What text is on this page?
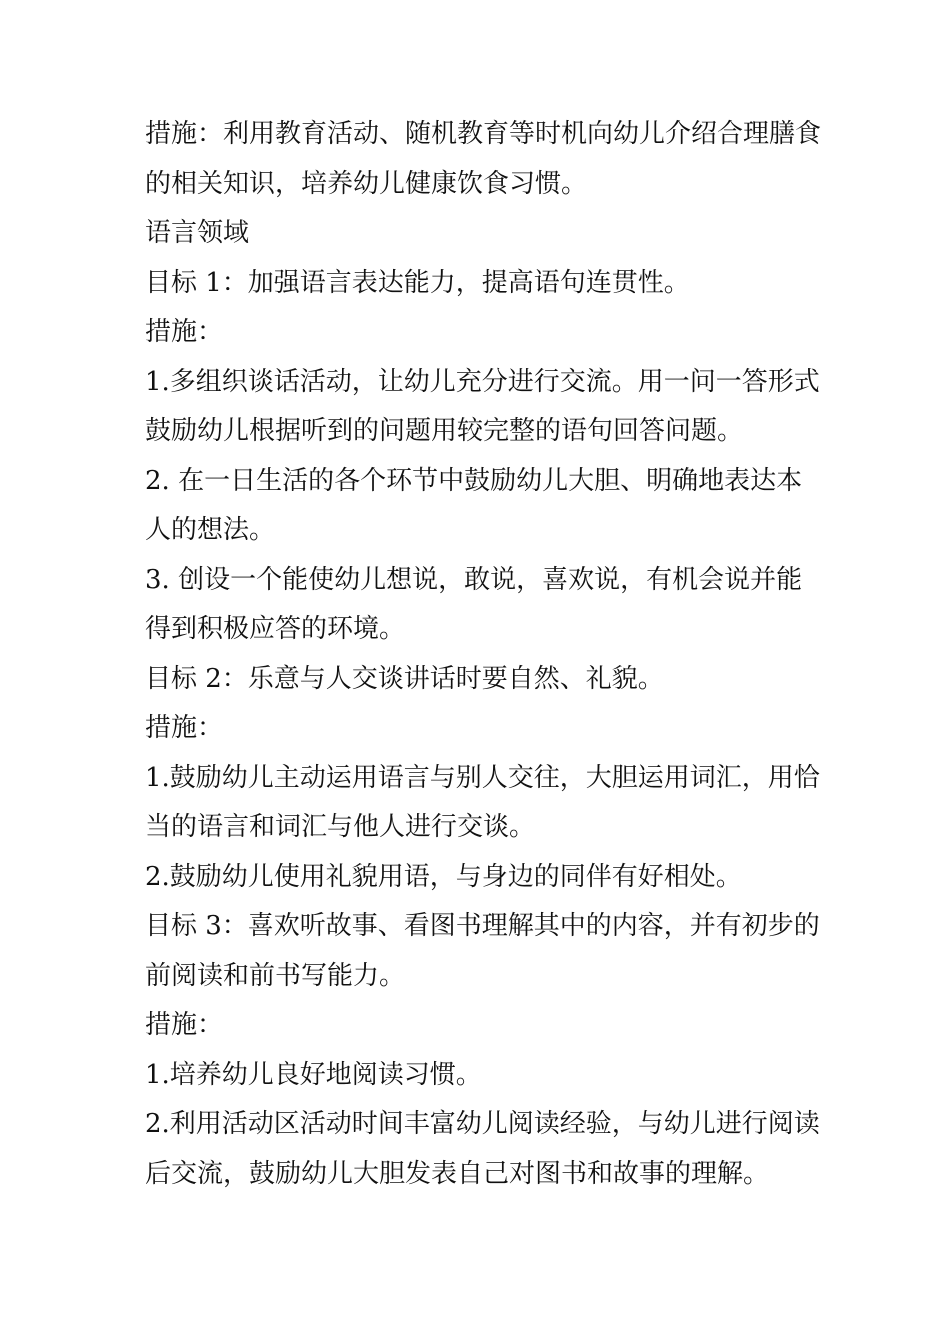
措施：利用教育活动、随机教育等时机向幼儿介绍合理膳食
的相关知识，培养幼儿健康饮食习惯。
语言领域
目标 1：加强语言表达能力，提高语句连贯性。
措施：
1.多组织谈话活动，让幼儿充分进行交流。用一问一答形式
鼓励幼儿根据听到的问题用较完整的语句回答问题。
2. 在一日生活的各个环节中鼓励幼儿大胆、明确地表达本
人的想法。
3. 创设一个能使幼儿想说，敢说，喜欢说，有机会说并能
得到积极应答的环境。
目标 2：乐意与人交谈讲话时要自然、礼貌。
措施：
1.鼓励幼儿主动运用语言与别人交往，大胆运用词汇，用恰
当的语言和词汇与他人进行交谈。
2.鼓励幼儿使用礼貌用语，与身边的同伴有好相处。
目标 3：喜欢听故事、看图书理解其中的内容，并有初步的
前阅读和前书写能力。
措施：
1.培养幼儿良好地阅读习惯。
2.利用活动区活动时间丰富幼儿阅读经验，与幼儿进行阅读
后交流，鼓励幼儿大胆发表自己对图书和故事的理解。
